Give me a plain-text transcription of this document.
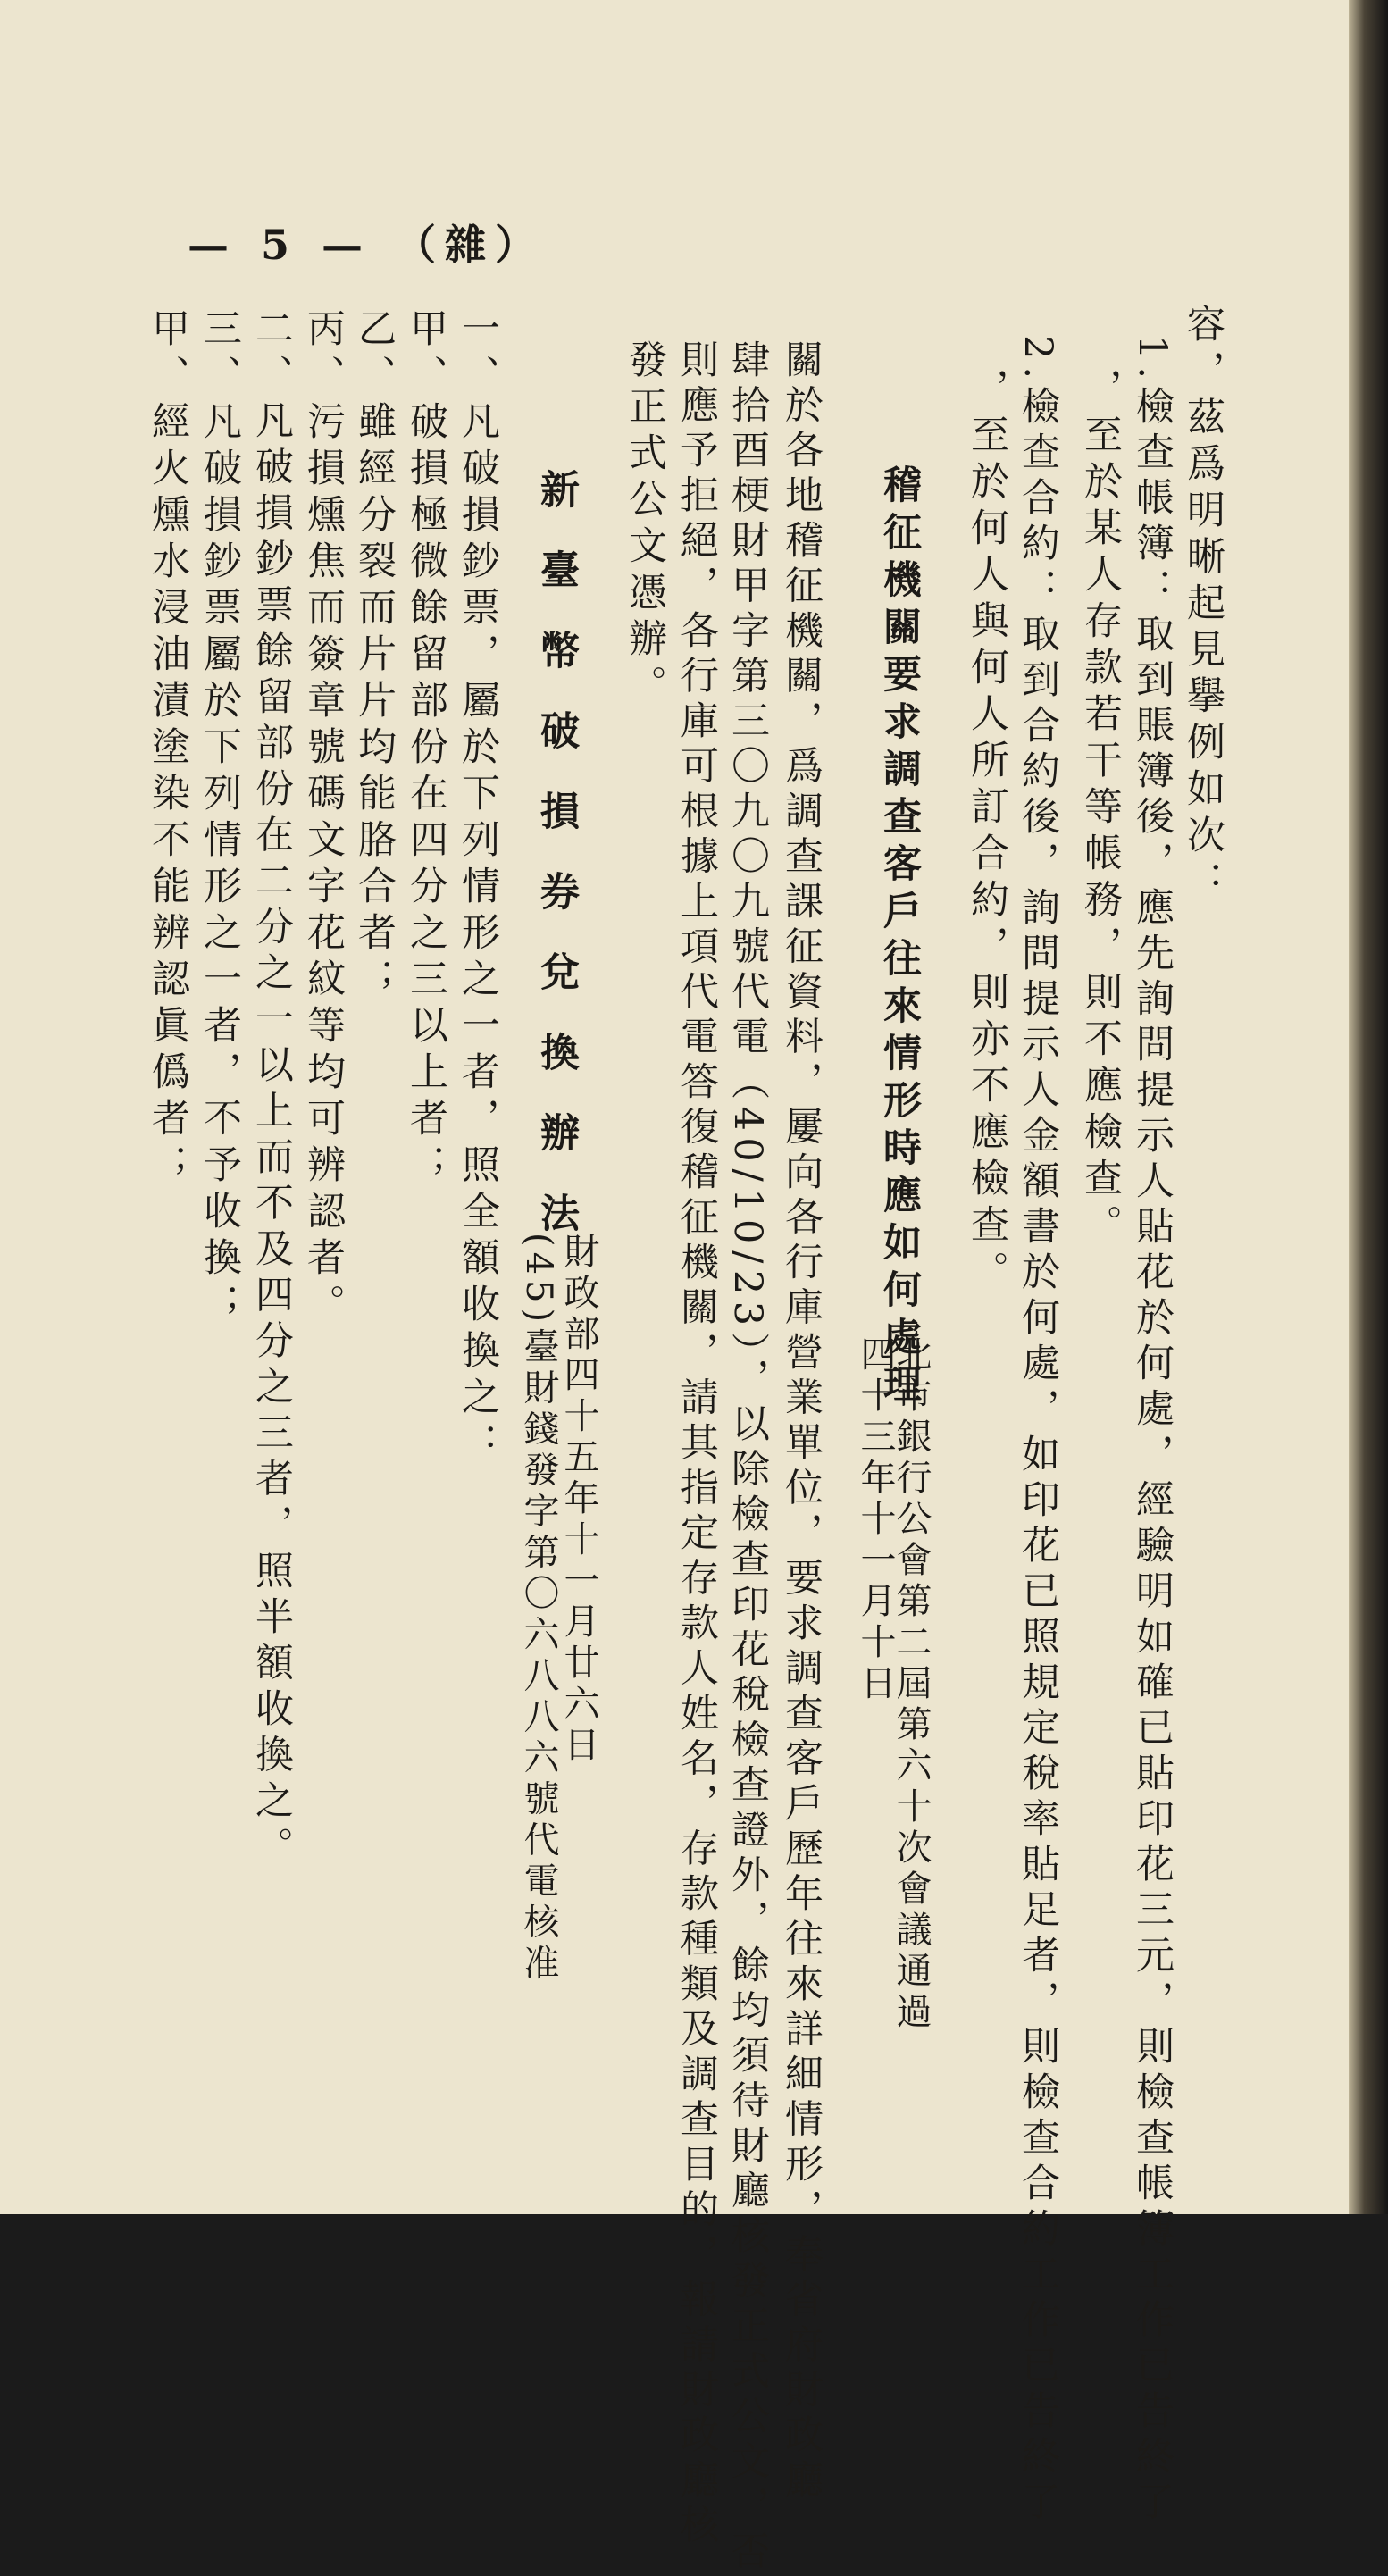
容，茲爲明晰起見擧例如次：
1.檢查帳簿：取到賬簿後，應先詢問提示人貼花於何處，經驗明如確已貼印花三元，則檢查帳簿工作已告終了
，至於某人存款若干等帳務，則不應檢查。
2.檢查合約：取到合約後，詢問提示人金額書於何處，如印花已照規定稅率貼足者，則檢查合約工作已告終了
，至於何人與何人所訂合約，則亦不應檢查。
稽征機關要求調查客戶往來情形時應如何處理
北市銀行公會第二屆第六十次會議通過
四十三年十一月十日
關於各地稽征機關，爲調查課征資料，屢向各行庫營業單位，要求調查客戶歷年往來詳細情形，奉省府財政廳
肆拾酉梗財甲字第三〇九〇九號代電（40/10/23），以除檢查印花稅檢查證外，餘均須待財廳核發正式公文，否
則應予拒絕，各行庫可根據上項代電答復稽征機關，請其指定存款人姓名，存款種類及調查目的，報請財政廳核
發正式公文憑辦。
財政部四十五年十一月廿六日
(45)臺財錢發字第〇六八八六號代電核准
新臺幣破損券兌換辦法
一、凡破損鈔票，屬於下列情形之一者，照全額收換之：
甲、破損極微餘留部份在四分之三以上者；
乙、雖經分裂而片片均能胳合者；
丙、污損燻焦而簽章號碼文字花紋等均可辨認者。
二、凡破損鈔票餘留部份在二分之一以上而不及四分之三者，照半額收換之。
三、凡破損鈔票屬於下列情形之一者，不予收換；
甲、經火燻水浸油漬塗染不能辨認眞僞者；
— 5 — （雜）
